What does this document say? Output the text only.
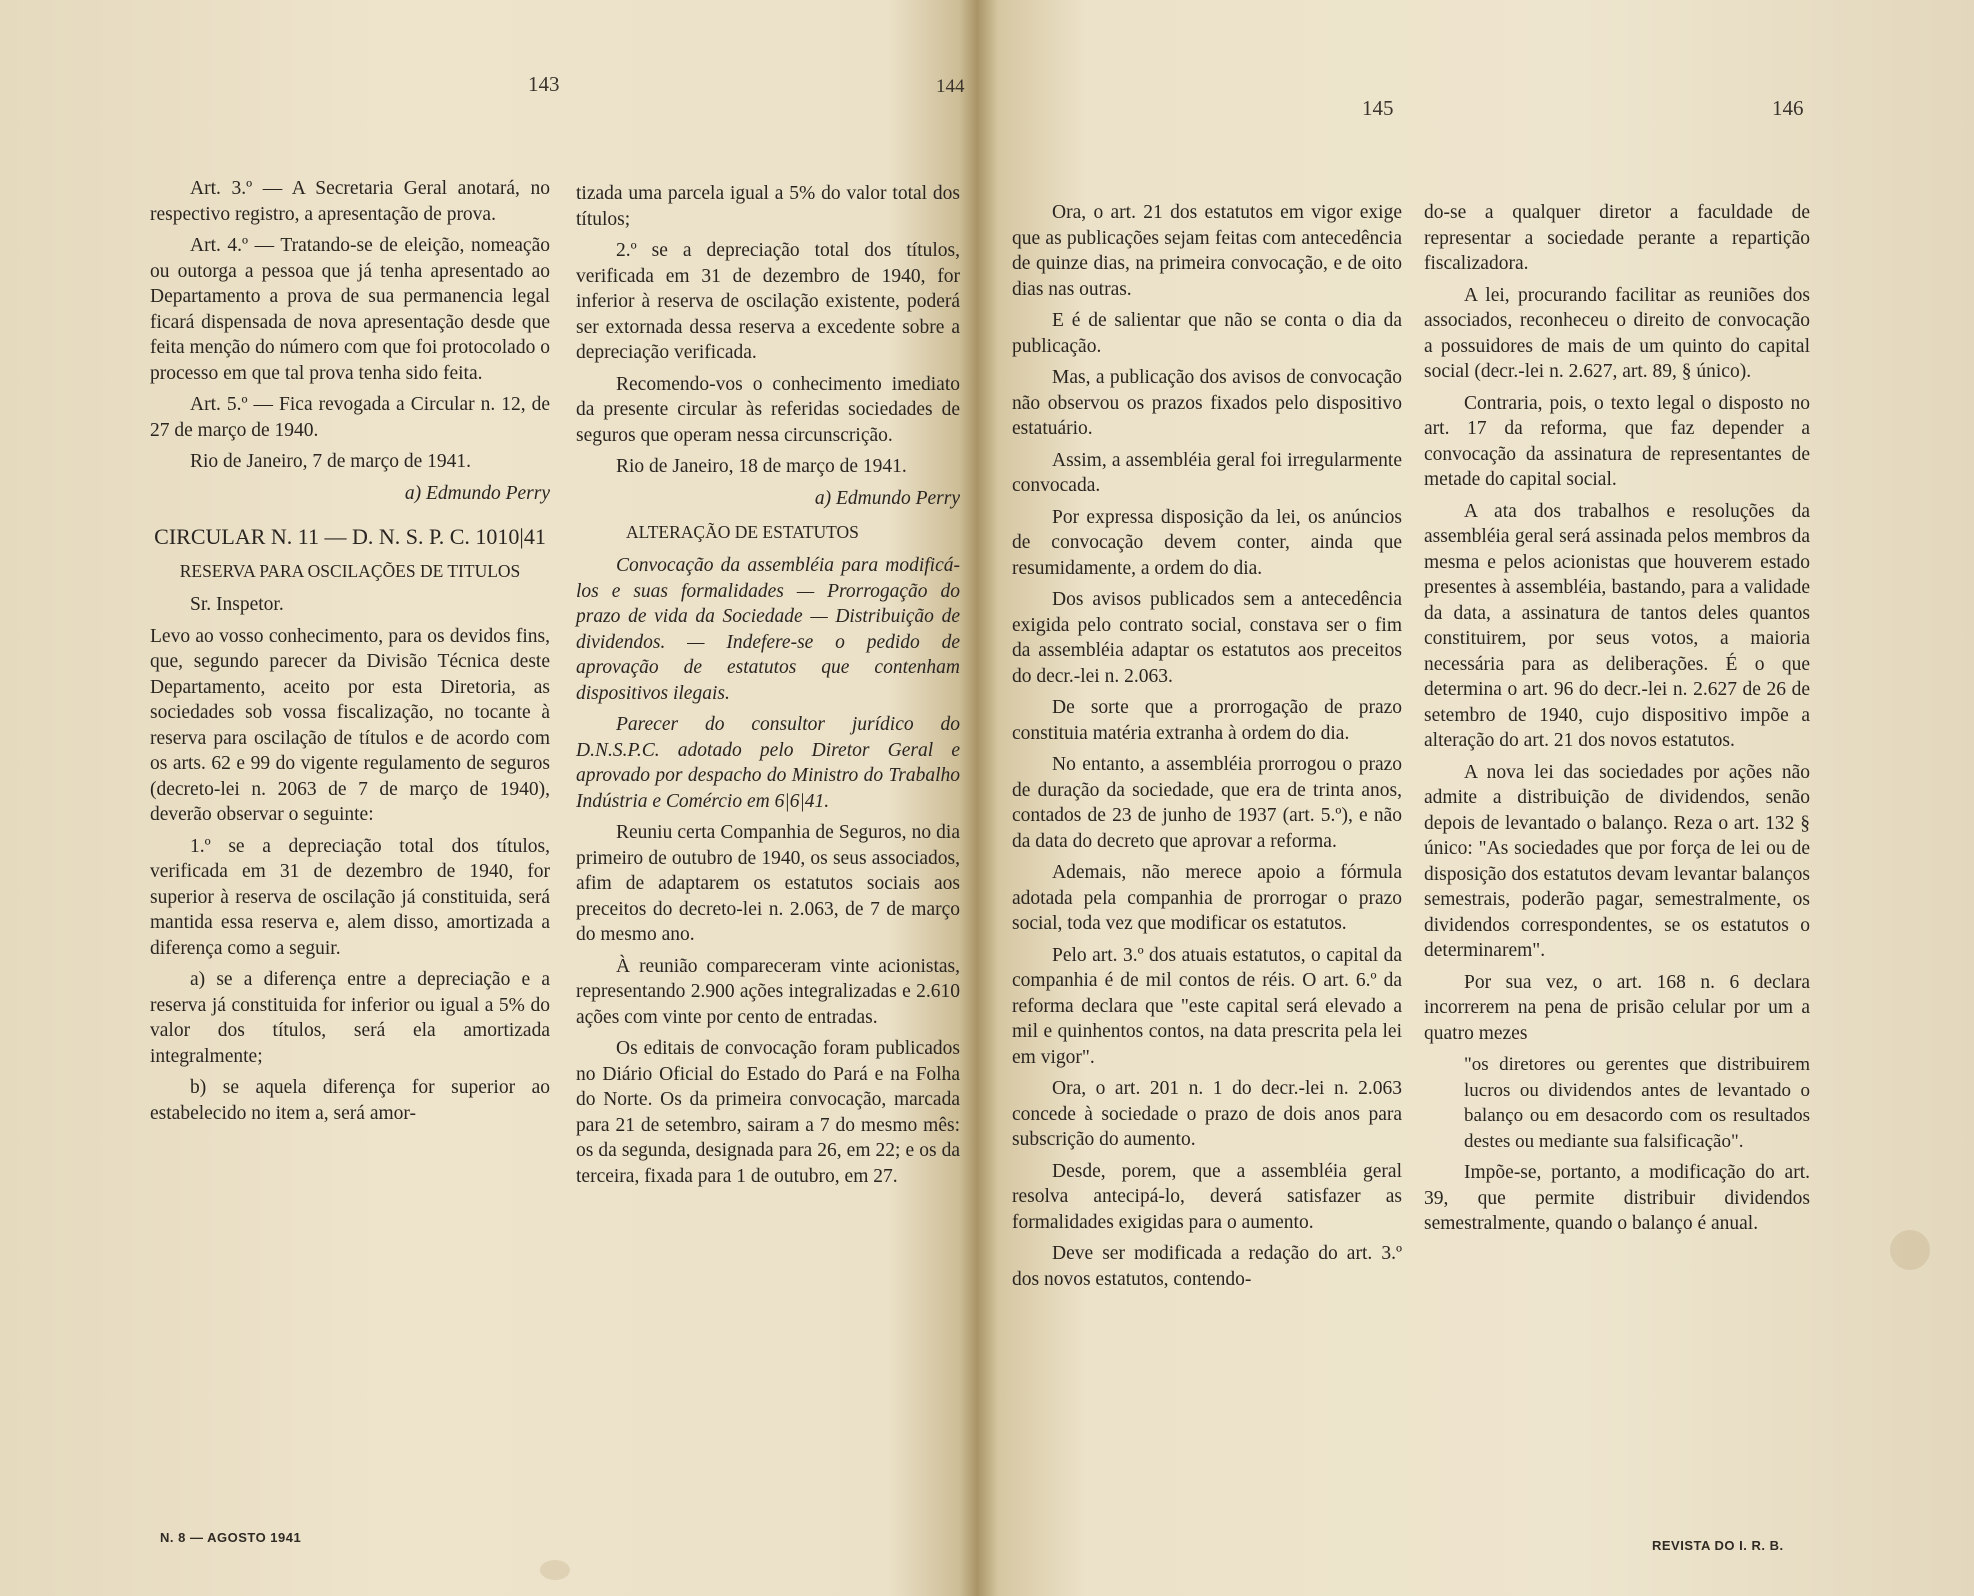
143	144

Art. 3.º — A Secretaria Geral anotará, no respectivo registro, a apresentação de prova.

Art. 4.º — Tratando-se de eleição, nomeação ou outorga a pessoa que já tenha apresentado ao Departamento a prova de sua permanencia legal ficará dispensada de nova apresentação desde que feita menção do número com que foi protocolado o processo em que tal prova tenha sido feita.

Art. 5.º — Fica revogada a Circular n. 12, de 27 de março de 1940.

Rio de Janeiro, 7 de março de 1941.

a) Edmundo Perry

CIRCULAR N. 11 — D. N. S. P. C. 1010|41
RESERVA PARA OSCILAÇÕES DE TITULOS

Sr. Inspetor.

Levo ao vosso conhecimento, para os devidos fins, que, segundo parecer da Divisão Técnica deste Departamento, aceito por esta Diretoria, as sociedades sob vossa fiscalização, no tocante à reserva para oscilação de títulos e de acordo com os arts. 62 e 99 do vigente regulamento de seguros (decreto-lei n. 2063 de 7 de março de 1940), deverão observar o seguinte:

1.º se a depreciação total dos títulos, verificada em 31 de dezembro de 1940, for superior à reserva de oscilação já constituida, será mantida essa reserva e, alem disso, amortizada a diferença como a seguir.

a) se a diferença entre a depreciação e a reserva já constituida for inferior ou igual a 5% do valor dos títulos, será ela amortizada integralmente;

b) se aquela diferença for superior ao estabelecido no item a, será amor-

tizada uma parcela igual a 5% do valor total dos títulos;

2.º se a depreciação total dos títulos, verificada em 31 de dezembro de 1940, for inferior à reserva de oscilação existente, poderá ser extornada dessa reserva a excedente sobre a depreciação verificada.

Recomendo-vos o conhecimento imediato da presente circular às referidas sociedades de seguros que operam nessa circunscrição.

Rio de Janeiro, 18 de março de 1941.

a) Edmundo Perry

ALTERAÇÃO DE ESTATUTOS

Convocação da assembléia para modificá-los e suas formalidades — Prorrogação do prazo de vida da Sociedade — Distribuição de dividendos. — Indefere-se o pedido de aprovação de estatutos que contenham dispositivos ilegais.

Parecer do consultor jurídico do D.N.S.P.C. adotado pelo Diretor Geral e aprovado por despacho do Ministro do Trabalho Indústria e Comércio em 6|6|41.

Reuniu certa Companhia de Seguros, no dia primeiro de outubro de 1940, os seus associados, afim de adaptarem os estatutos sociais aos preceitos do decreto-lei n. 2.063, de 7 de março do mesmo ano.

À reunião compareceram vinte acionistas, representando 2.900 ações integralizadas e 2.610 ações com vinte por cento de entradas.

Os editais de convocação foram publicados no Diário Oficial do Estado do Pará e na Folha do Norte. Os da primeira convocação, marcada para 21 de setembro, sairam a 7 do mesmo mês: os da segunda, designada para 26, em 22; e os da terceira, fixada para 1 de outubro, em 27.

N. 8 — AGOSTO 1941
145	146

Ora, o art. 21 dos estatutos em vigor exige que as publicações sejam feitas com antecedência de quinze dias, na primeira convocação, e de oito dias nas outras.

E é de salientar que não se conta o dia da publicação.

Mas, a publicação dos avisos de convocação não observou os prazos fixados pelo dispositivo estatuário.

Assim, a assembléia geral foi irregularmente convocada.

Por expressa disposição da lei, os anúncios de convocação devem conter, ainda que resumidamente, a ordem do dia.

Dos avisos publicados sem a antecedência exigida pelo contrato social, constava ser o fim da assembléia adaptar os estatutos aos preceitos do decr.-lei n. 2.063.

De sorte que a prorrogação de prazo constituia matéria extranha à ordem do dia.

No entanto, a assembléia prorrogou o prazo de duração da sociedade, que era de trinta anos, contados de 23 de junho de 1937 (art. 5.º), e não da data do decreto que aprovar a reforma.

Ademais, não merece apoio a fórmula adotada pela companhia de prorrogar o prazo social, toda vez que modificar os estatutos.

Pelo art. 3.º dos atuais estatutos, o capital da companhia é de mil contos de réis. O art. 6.º da reforma declara que "este capital será elevado a mil e quinhentos contos, na data prescrita pela lei em vigor".

Ora, o art. 201 n. 1 do decr.-lei n. 2.063 concede à sociedade o prazo de dois anos para subscrição do aumento.

Desde, porem, que a assembléia geral resolva antecipá-lo, deverá satisfazer as formalidades exigidas para o aumento.

Deve ser modificada a redação do art. 3.º dos novos estatutos, contendo-

do-se a qualquer diretor a faculdade de representar a sociedade perante a repartição fiscalizadora.

A lei, procurando facilitar as reuniões dos associados, reconheceu o direito de convocação a possuidores de mais de um quinto do capital social (decr.-lei n. 2.627, art. 89, § único).

Contraria, pois, o texto legal o disposto no art. 17 da reforma, que faz depender a convocação da assinatura de representantes de metade do capital social.

A ata dos trabalhos e resoluções da assembléia geral será assinada pelos membros da mesma e pelos acionistas que houverem estado presentes à assembléia, bastando, para a validade da data, a assinatura de tantos deles quantos constituirem, por seus votos, a maioria necessária para as deliberações. É o que determina o art. 96 do decr.-lei n. 2.627 de 26 de setembro de 1940, cujo dispositivo impõe a alteração do art. 21 dos novos estatutos.

A nova lei das sociedades por ações não admite a distribuição de dividendos, senão depois de levantado o balanço. Reza o art. 132 § único: "As sociedades que por força de lei ou de disposição dos estatutos devam levantar balanços semestrais, poderão pagar, semestralmente, os dividendos correspondentes, se os estatutos o determinarem".

Por sua vez, o art. 168 n. 6 declara incorrerem na pena de prisão celular por um a quatro mezes

"os diretores ou gerentes que distribuirem lucros ou dividendos antes de levantado o balanço ou em desacordo com os resultados destes ou mediante sua falsificação".

Impõe-se, portanto, a modificação do art. 39, que permite distribuir dividendos semestralmente, quando o balanço é anual.

REVISTA DO I. R. B.
